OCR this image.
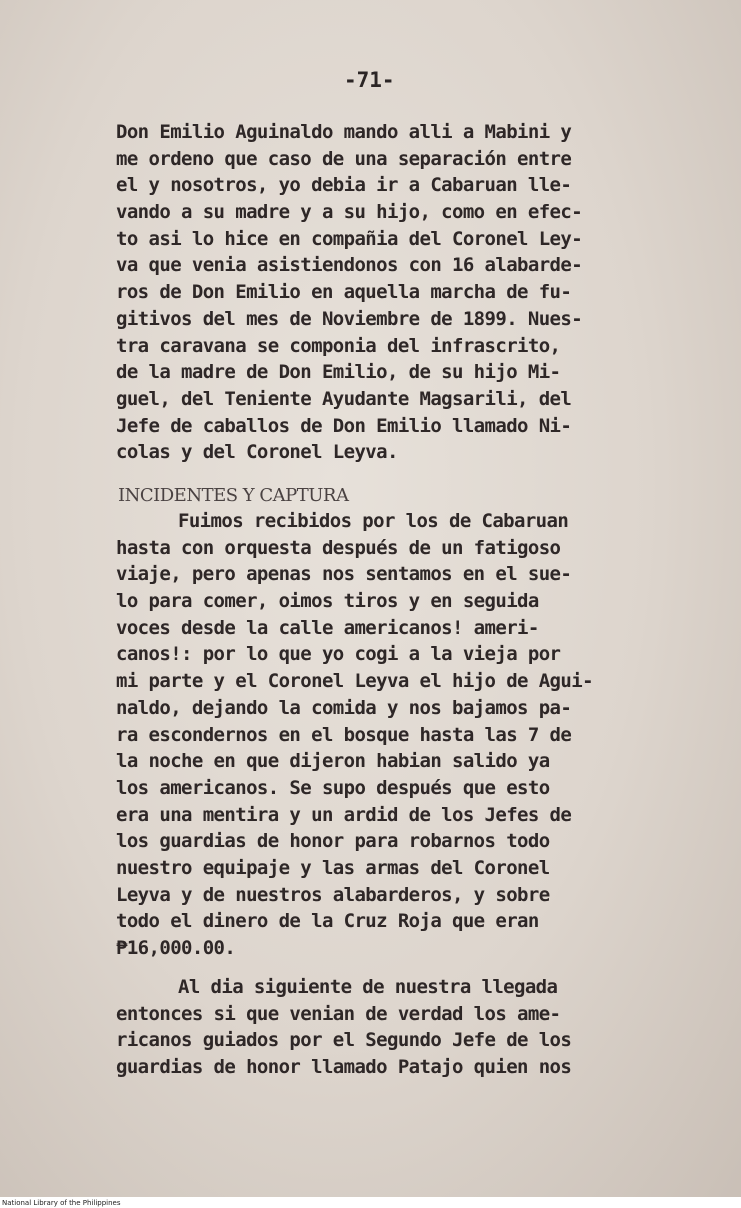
-71-
Don Emilio Aguinaldo mando alli a Mabini y
me ordeno que caso de una separación entre
el y nosotros, yo debia ir a Cabaruan lle-
vando a su madre y a su hijo, como en efec-
to asi lo hice en compañia del Coronel Ley-
va que venia asistiendonos con 16 alabarde-
ros de Don Emilio en aquella marcha de fu-
gitivos del mes de Noviembre de 1899. Nues-
tra caravana se componia del infrascrito,
de la madre de Don Emilio, de su hijo Mi-
guel, del Teniente Ayudante Magsarili, del
Jefe de caballos de Don Emilio llamado Ni-
colas y del Coronel Leyva.
INCIDENTES Y CAPTURA
Fuimos recibidos por los de Cabaruan
hasta con orquesta después de un fatigoso
viaje, pero apenas nos sentamos en el sue-
lo para comer, oimos tiros y en seguida
voces desde la calle americanos! ameri-
canos!: por lo que yo cogi a la vieja por
mi parte y el Coronel Leyva el hijo de Agui-
naldo, dejando la comida y nos bajamos pa-
ra escondernos en el bosque hasta las 7 de
la noche en que dijeron habian salido ya
los americanos. Se supo después que esto
era una mentira y un ardid de los Jefes de
los guardias de honor para robarnos todo
nuestro equipaje y las armas del Coronel
Leyva y de nuestros alabarderos, y sobre
todo el dinero de la Cruz Roja que eran
₱16,000.00.
Al dia siguiente de nuestra llegada
entonces si que venian de verdad los ame-
ricanos guiados por el Segundo Jefe de los
guardias de honor llamado Patajo quien nos
National Library of the Philippines
